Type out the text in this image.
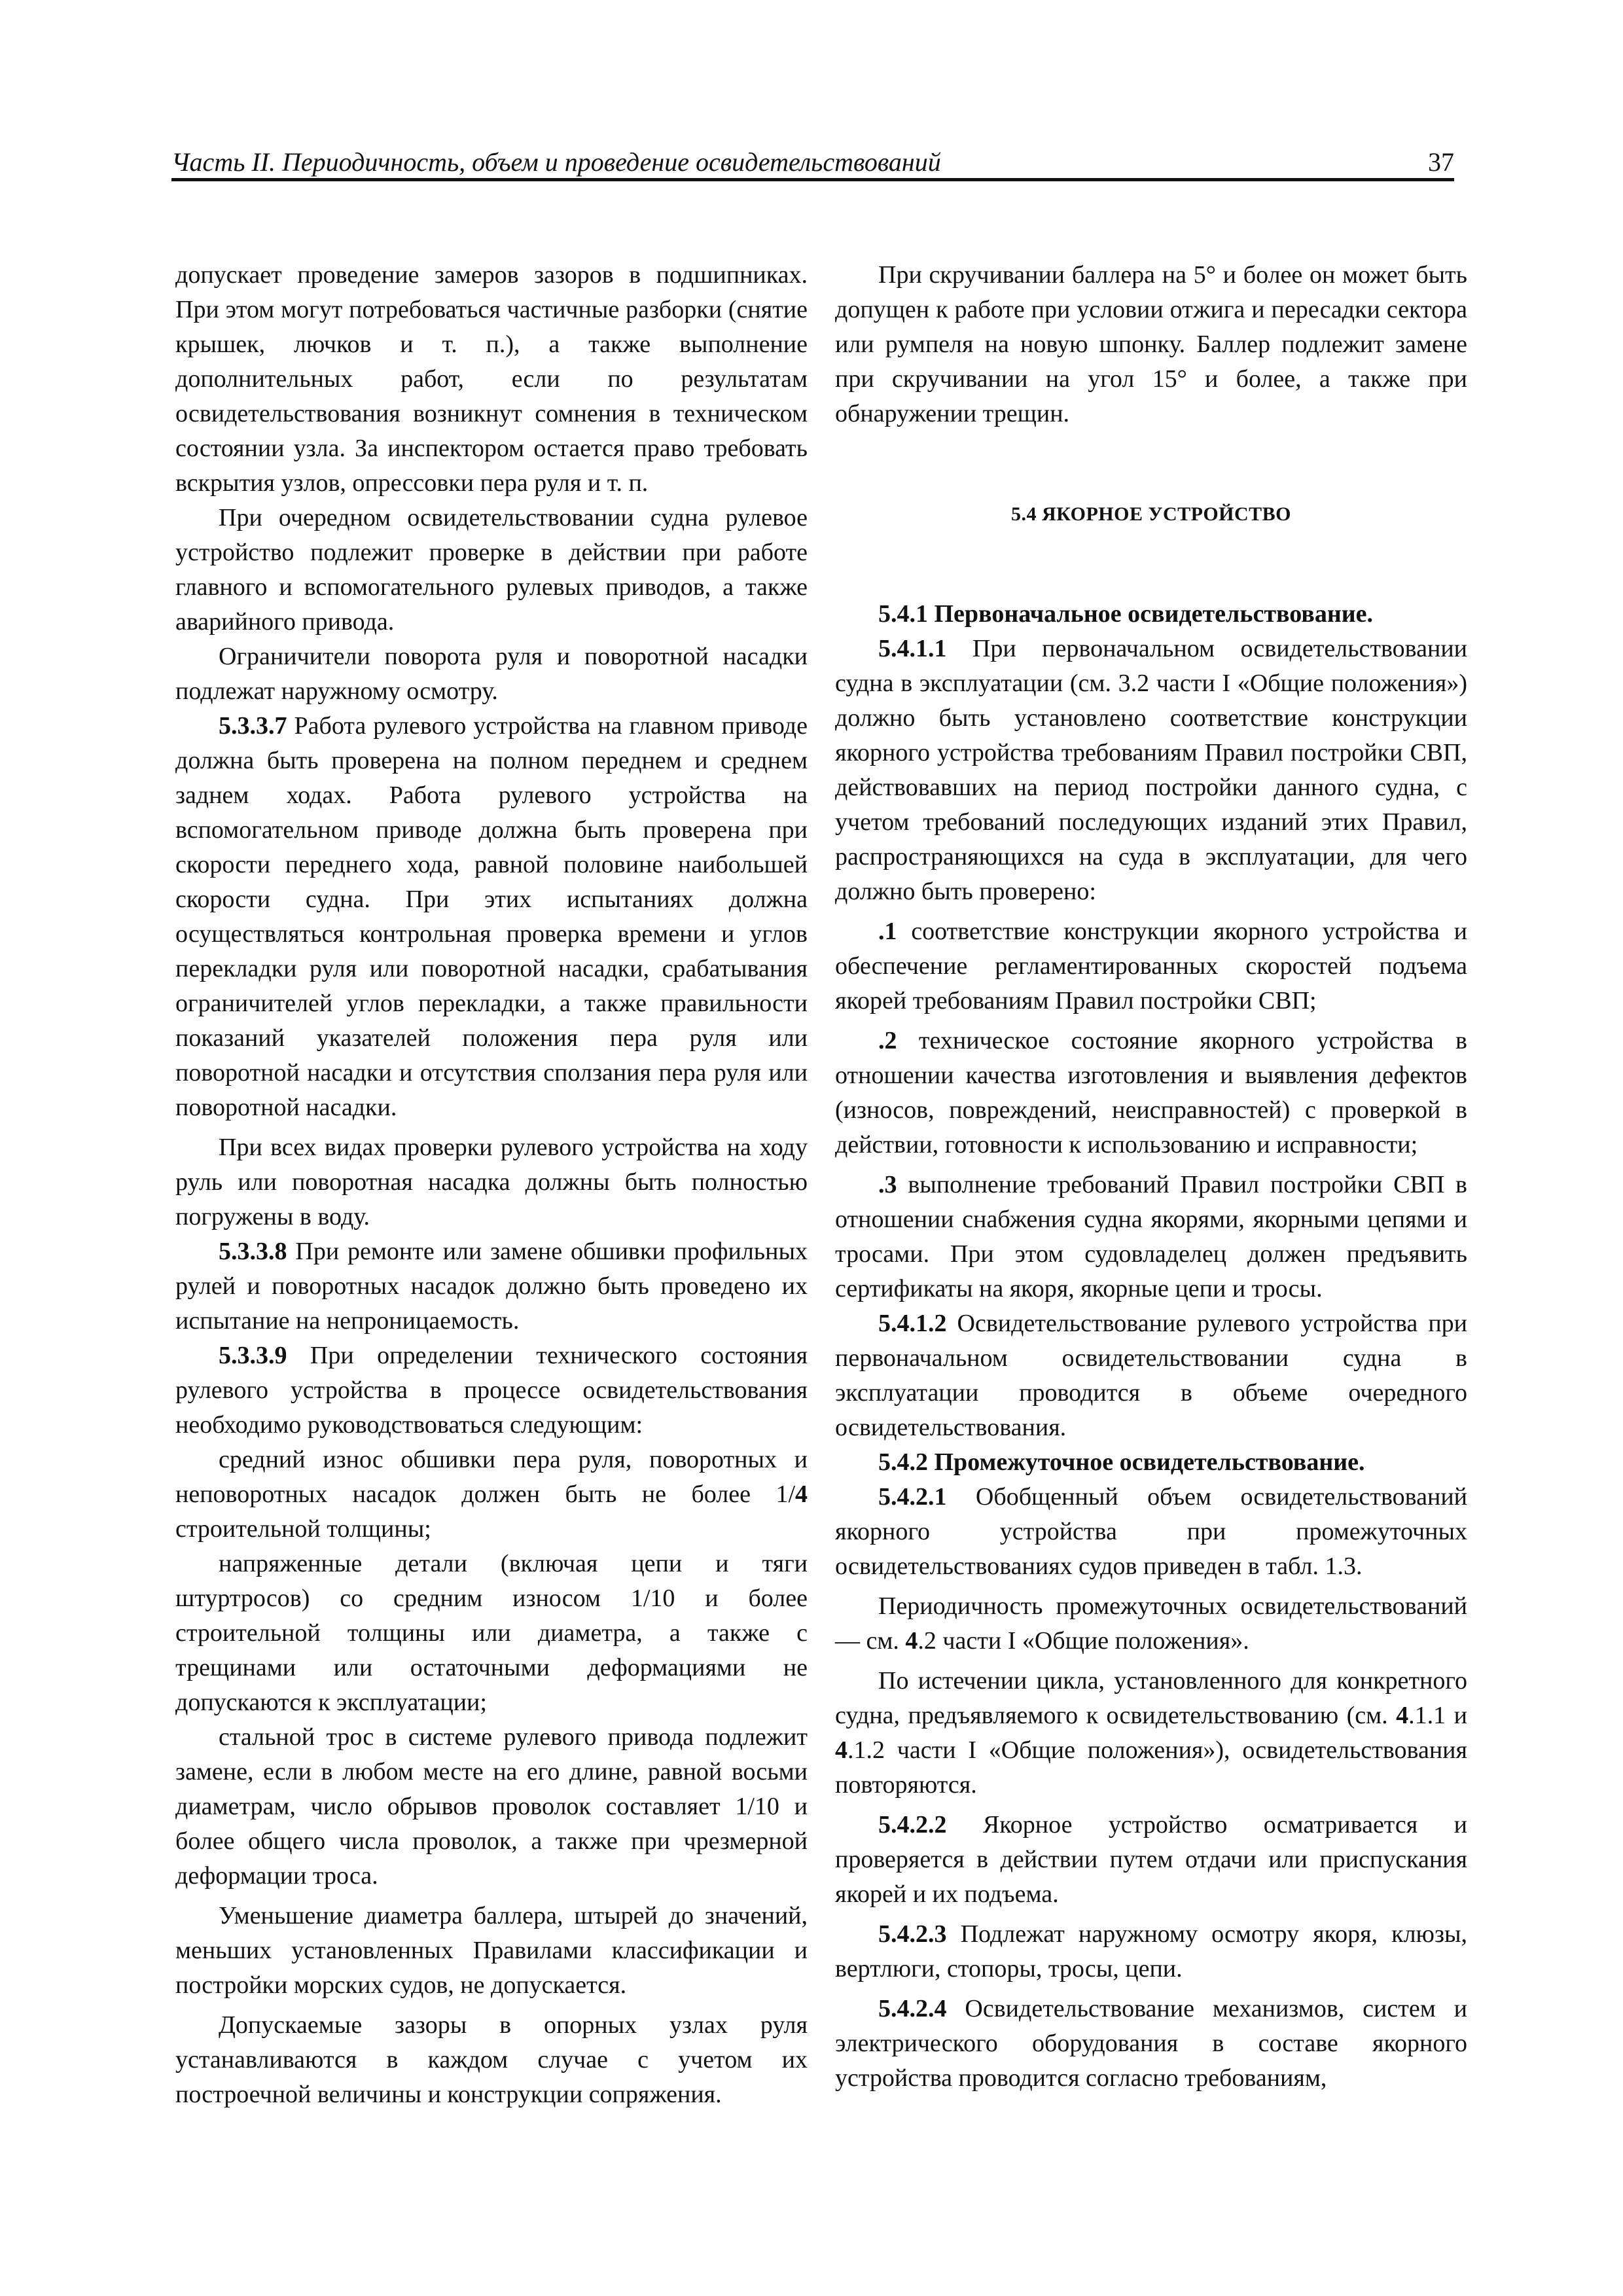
Часть II. Периодичность, объем и проведение освидетельствований	37

допускает проведение замеров зазоров в подшипниках. При этом могут потребоваться частичные разборки (снятие крышек, лючков и т. п.), а также выполнение дополнительных работ, если по результатам освидетельствования возникнут сомнения в техническом состоянии узла. За инспектором остается право требовать вскрытия узлов, опрессовки пера руля и т. п.

При очередном освидетельствовании судна рулевое устройство подлежит проверке в действии при работе главного и вспомогательного рулевых приводов, а также аварийного привода.

Ограничители поворота руля и поворотной насадки подлежат наружному осмотру.

5.3.3.7 Работа рулевого устройства на главном приводе должна быть проверена на полном переднем и среднем заднем ходах. Работа рулевого устройства на вспомогательном приводе должна быть проверена при скорости переднего хода, равной половине наибольшей скорости судна. При этих испытаниях должна осуществляться контрольная проверка времени и углов перекладки руля или поворотной насадки, срабатывания ограничителей углов перекладки, а также правильности показаний указателей положения пера руля или поворотной насадки и отсутствия сползания пера руля или поворотной насадки.

При всех видах проверки рулевого устройства на ходу руль или поворотная насадка должны быть полностью погружены в воду.

5.3.3.8 При ремонте или замене обшивки профильных рулей и поворотных насадок должно быть проведено их испытание на непроницаемость.

5.3.3.9 При определении технического состояния рулевого устройства в процессе освидетельствования необходимо руководствоваться следующим:

средний износ обшивки пера руля, поворотных и неповоротных насадок должен быть не более 1/4 строительной толщины;

напряженные детали (включая цепи и тяги штуртросов) со средним износом 1/10 и более строительной толщины или диаметра, а также с трещинами или остаточными деформациями не допускаются к эксплуатации;

стальной трос в системе рулевого привода подлежит замене, если в любом месте на его длине, равной восьми диаметрам, число обрывов проволок составляет 1/10 и более общего числа проволок, а также при чрезмерной деформации троса.

Уменьшение диаметра баллера, штырей до значений, меньших установленных Правилами классификации и постройки морских судов, не допускается.

Допускаемые зазоры в опорных узлах руля устанавливаются в каждом случае с учетом их построечной величины и конструкции сопряжения.

При скручивании баллера на 5° и более он может быть допущен к работе при условии отжига и пересадки сектора или румпеля на новую шпонку. Баллер подлежит замене при скручивании на угол 15° и более, а также при обнаружении трещин.

5.4 ЯКОРНОЕ УСТРОЙСТВО

5.4.1 Первоначальное освидетельствование.

5.4.1.1 При первоначальном освидетельствовании судна в эксплуатации (см. 3.2 части I «Общие положения») должно быть установлено соответствие конструкции якорного устройства требованиям Правил постройки СВП, действовавших на период постройки данного судна, с учетом требований последующих изданий этих Правил, распространяющихся на суда в эксплуатации, для чего должно быть проверено:

.1 соответствие конструкции якорного устройства и обеспечение регламентированных скоростей подъема якорей требованиям Правил постройки СВП;

.2 техническое состояние якорного устройства в отношении качества изготовления и выявления дефектов (износов, повреждений, неисправностей) с проверкой в действии, готовности к использованию и исправности;

.3 выполнение требований Правил постройки СВП в отношении снабжения судна якорями, якорными цепями и тросами. При этом судовладелец должен предъявить сертификаты на якоря, якорные цепи и тросы.

5.4.1.2 Освидетельствование рулевого устройства при первоначальном освидетельствовании судна в эксплуатации проводится в объеме очередного освидетельствования.

5.4.2 Промежуточное освидетельствование.

5.4.2.1 Обобщенный объем освидетельствований якорного устройства при промежуточных освидетельствованиях судов приведен в табл. 1.3.

Периодичность промежуточных освидетельствований — см. 4.2 части I «Общие положения».

По истечении цикла, установленного для конкретного судна, предъявляемого к освидетельствованию (см. 4.1.1 и 4.1.2 части I «Общие положения»), освидетельствования повторяются.

5.4.2.2 Якорное устройство осматривается и проверяется в действии путем отдачи или приспускания якорей и их подъема.

5.4.2.3 Подлежат наружному осмотру якоря, клюзы, вертлюги, стопоры, тросы, цепи.

5.4.2.4 Освидетельствование механизмов, систем и электрического оборудования в составе якорного устройства проводится согласно требованиям,
